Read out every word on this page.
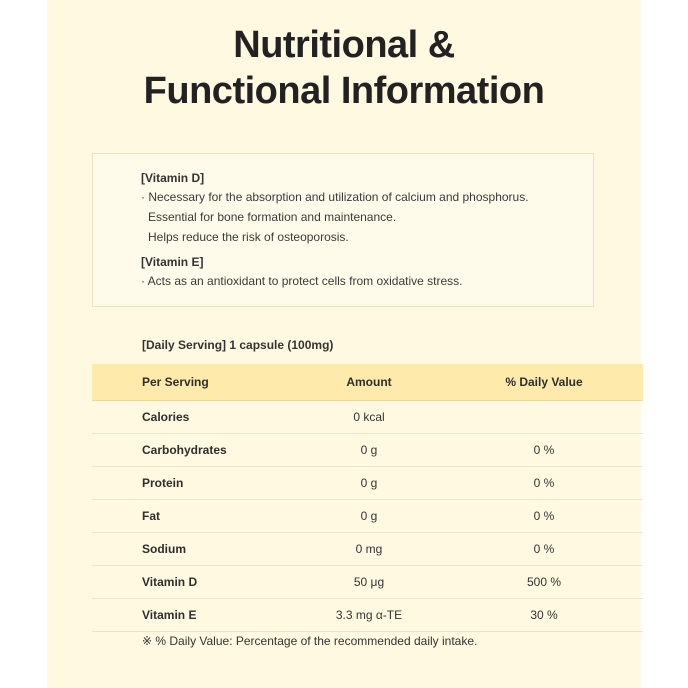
Nutritional &
Functional Information
[Vitamin D]
· Necessary for the absorption and utilization of calcium and phosphorus.
Essential for bone formation and maintenance.
Helps reduce the risk of osteoporosis.
[Vitamin E]
· Acts as an antioxidant to protect cells from oxidative stress.
[Daily Serving] 1 capsule (100mg)
Per Serving	Amount	% Daily Value
Calories	0 kcal	
Carbohydrates	0 g	0 %
Protein	0 g	0 %
Fat	0 g	0 %
Sodium	0 mg	0 %
Vitamin D	50 μg	500 %
Vitamin E	3.3 mg α-TE	30 %
※ % Daily Value: Percentage of the recommended daily intake.
